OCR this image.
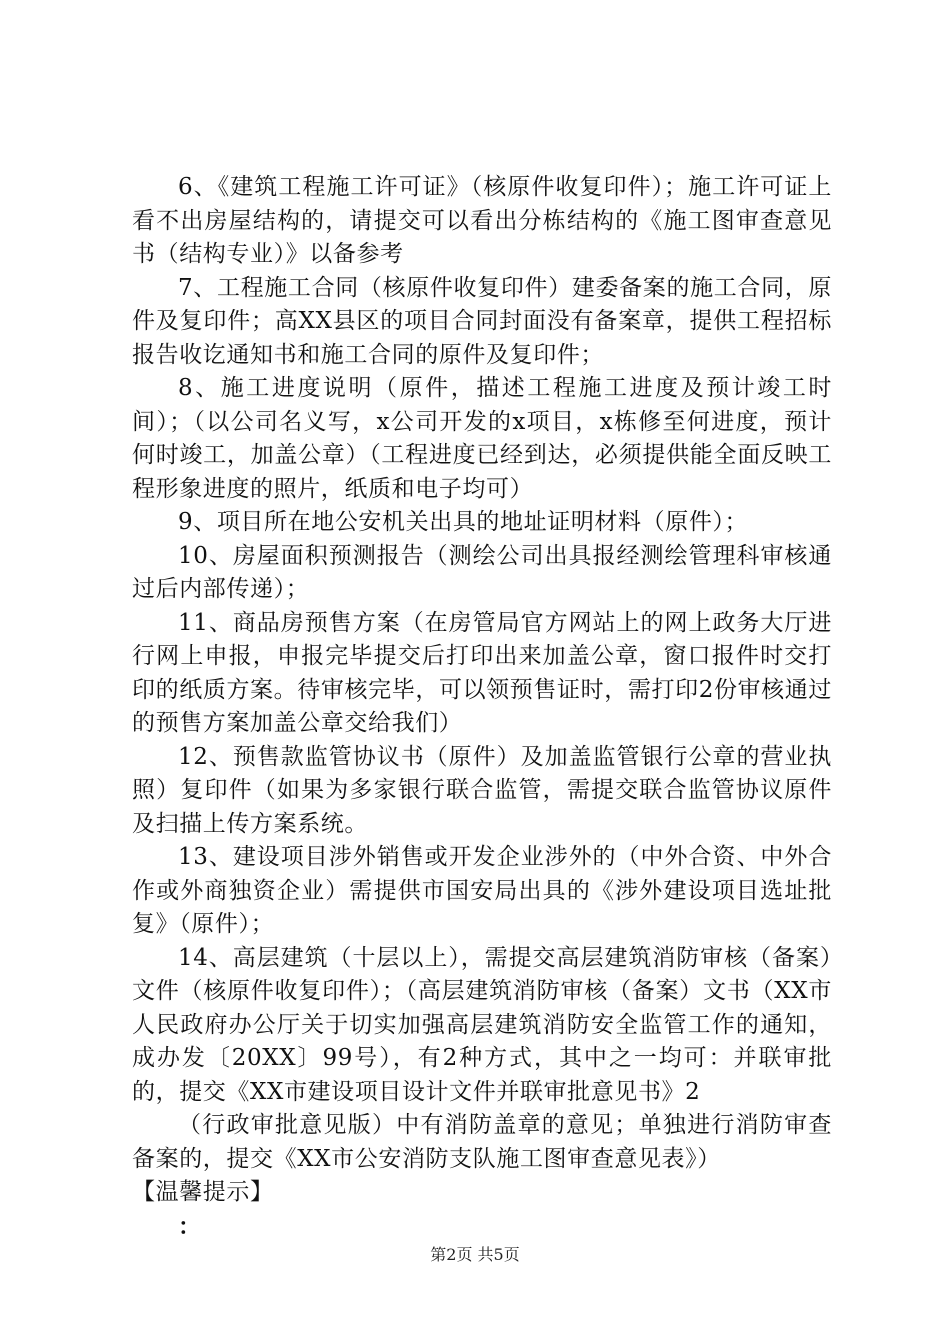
6、《建筑工程施工许可证》（核原件收复印件）；施工许可证上看不出房屋结构的，请提交可以看出分栋结构的《施工图审查意见书（结构专业）》以备参考

7、工程施工合同（核原件收复印件）建委备案的施工合同，原件及复印件；高XX县区的项目合同封面没有备案章，提供工程招标报告收讫通知书和施工合同的原件及复印件；

8、施工进度说明（原件，描述工程施工进度及预计竣工时间）；（以公司名义写，x公司开发的x项目，x栋修至何进度，预计何时竣工，加盖公章）（工程进度已经到达，必须提供能全面反映工程形象进度的照片，纸质和电子均可）

9、项目所在地公安机关出具的地址证明材料（原件）；

10、房屋面积预测报告（测绘公司出具报经测绘管理科审核通过后内部传递）；

11、商品房预售方案（在房管局官方网站上的网上政务大厅进行网上申报，申报完毕提交后打印出来加盖公章，窗口报件时交打印的纸质方案。待审核完毕，可以领预售证时，需打印2份审核通过的预售方案加盖公章交给我们）

12、预售款监管协议书（原件）及加盖监管银行公章的营业执照）复印件（如果为多家银行联合监管，需提交联合监管协议原件及扫描上传方案系统。

13、建设项目涉外销售或开发企业涉外的（中外合资、中外合作或外商独资企业）需提供市国安局出具的《涉外建设项目选址批复》（原件）；

14、高层建筑（十层以上），需提交高层建筑消防审核（备案）文件（核原件收复印件）；（高层建筑消防审核（备案）文书（XX市人民政府办公厅关于切实加强高层建筑消防安全监管工作的通知，成办发〔20XX〕99号），有2种方式，其中之一均可：并联审批的，提交《XX市建设项目设计文件并联审批意见书》2

（行政审批意见版）中有消防盖章的意见；单独进行消防审查备案的，提交《XX市公安消防支队施工图审查意见表》）

【温馨提示】

：

第2页 共5页
